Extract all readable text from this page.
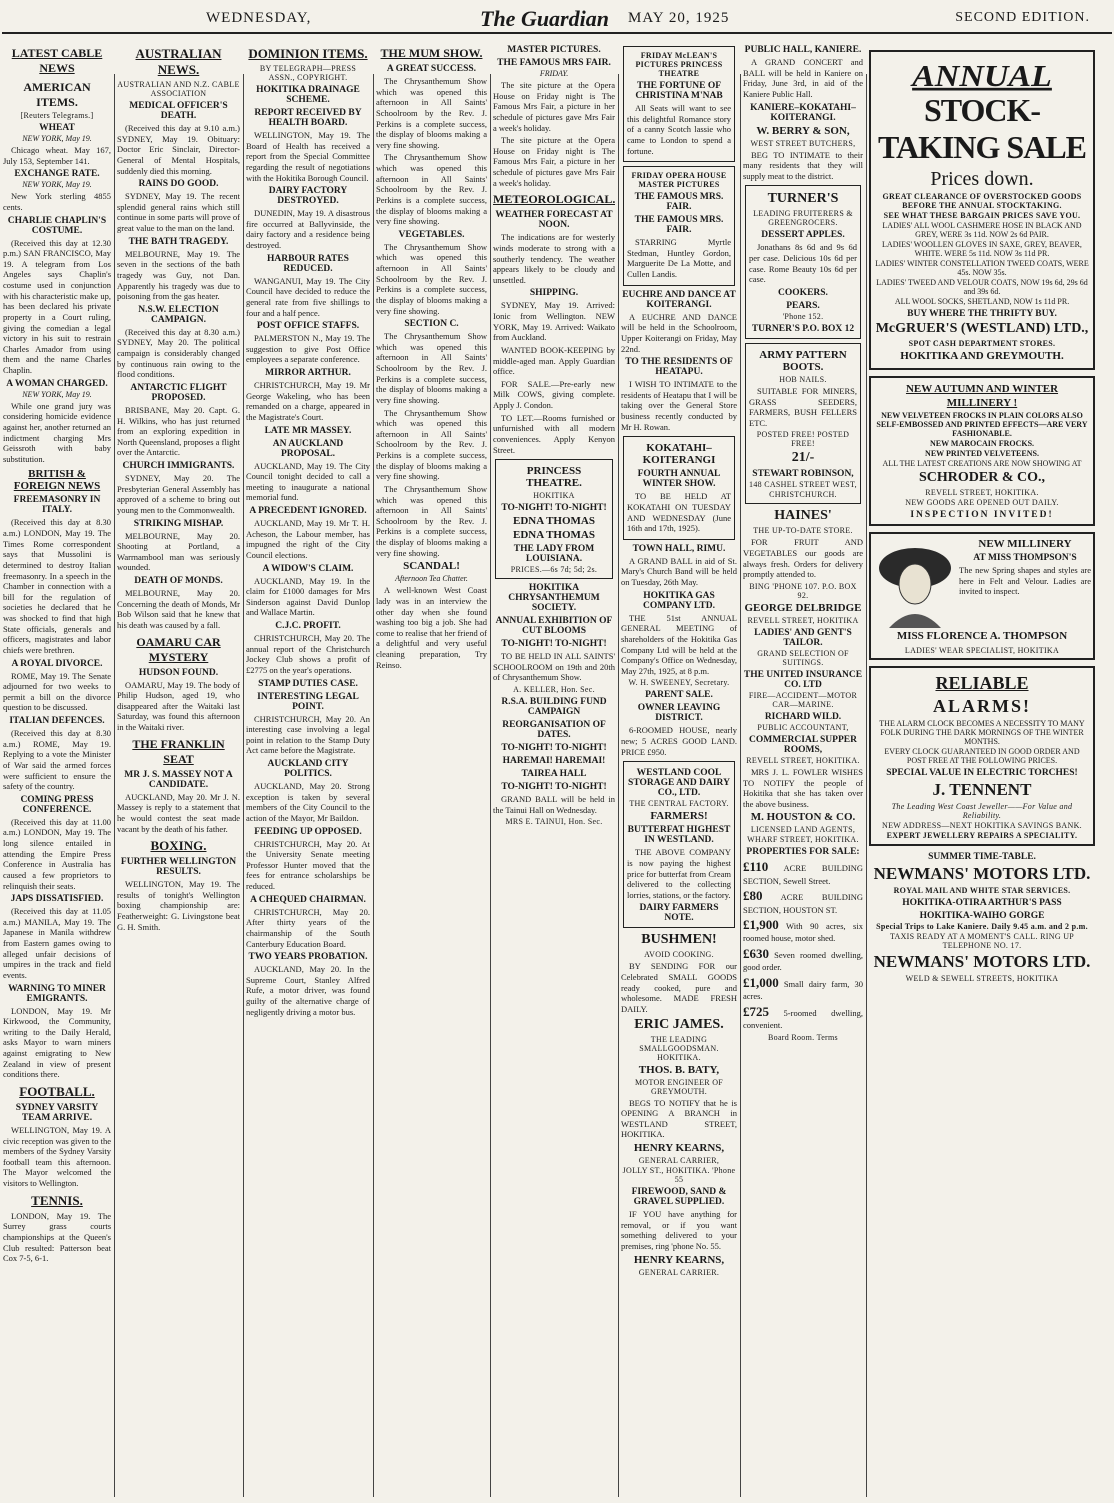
WEDNESDAY,	The Guardian MAY 20, 1925	SECOND EDITION.
LATEST CABLE NEWS
AMERICAN ITEMS.
[Reuters Telegrams.]
WHEAT
NEW YORK, May 19.
Chicago wheat. May 167, July 153, September 141.
EXCHANGE RATE.
NEW YORK, May 19.
New York sterling 4855 cents.
CHARLIE CHAPLIN'S COSTUME.
(Received this day at 12.30 p.m.) SAN FRANCISCO, May 19. A telegram from Los Angeles says Chaplin's costume used in conjunction with his characteristic make up, has been declared his private property in a Court ruling, giving the comedian a legal victory in his suit to restrain Charles Amador from using them and the name Charles Chaplin.
A WOMAN CHARGED.
NEW YORK, May 19.
While one grand jury was considering homicide evidence against her, another returned an indictment charging Mrs Geissroth with baby substitution.
BRITISH & FOREIGN NEWS
FREEMASONRY IN ITALY.
(Received this day at 8.30 a.m.) LONDON, May 19. The Times Rome correspondent says that Mussolini is determined to destroy Italian freemasonry. In a speech in the Chamber in connection with a bill for the regulation of societies he declared that he was shocked to find that high State officials, generals and officers, magistrates and labor chiefs were brethren.
A ROYAL DIVORCE.
ROME, May 19. The Senate adjourned for two weeks to permit a bill on the divorce question to be discussed.
ITALIAN DEFENCES.
(Received this day at 8.30 a.m.) ROME, May 19. Replying to a vote the Minister of War said the armed forces were sufficient to ensure the safety of the country.
COMING PRESS CONFERENCE.
(Received this day at 11.00 a.m.) LONDON, May 19. The long silence entailed in attending the Empire Press Conference in Australia has caused a few proprietors to relinquish their seats.
JAPS DISSATISFIED.
(Received this day at 11.05 a.m.) MANILA, May 19. The Japanese in Manila withdrew from Eastern games owing to alleged unfair decisions of umpires in the track and field events.
WARNING TO MINER EMIGRANTS.
LONDON, May 19. Mr Kirkwood, the Community, writing to the Daily Herald, asks Mayor to warn miners against emigrating to New Zealand in view of present conditions there.
FOOTBALL.
SYDNEY VARSITY TEAM ARRIVE.
WELLINGTON, May 19. A civic reception was given to the members of the Sydney Varsity football team this afternoon. The Mayor welcomed the visitors to Wellington.
TENNIS.
LONDON, May 19. The Surrey grass courts championships at the Queen's Club resulted: Patterson beat Cox 7-5, 6-1.
AUSTRALIAN NEWS.
AUSTRALIAN AND N.Z. CABLE ASSOCIATION
MEDICAL OFFICER'S DEATH.
(Received this day at 9.10 a.m.) SYDNEY, May 19. Obituary: Doctor Eric Sinclair, Director-General of Mental Hospitals, suddenly died this morning.
RAINS DO GOOD.
SYDNEY, May 19. The recent splendid general rains which still continue in some parts will prove of great value to the man on the land.
THE BATH TRAGEDY.
MELBOURNE, May 19. The seven in the sections of the bath tragedy was Guy, not Dan. Apparently his tragedy was due to poisoning from the gas heater.
N.S.W. ELECTION CAMPAIGN.
(Received this day at 8.30 a.m.) SYDNEY, May 20. The political campaign is considerably changed by continuous rain owing to the flood conditions.
ANTARCTIC FLIGHT PROPOSED.
BRISBANE, May 20. Capt. G. H. Wilkins, who has just returned from an exploring expedition in North Queensland, proposes a flight over the Antarctic.
CHURCH IMMIGRANTS.
SYDNEY, May 20. The Presbyterian General Assembly has approved of a scheme to bring out young men to the Commonwealth.
STRIKING MISHAP.
MELBOURNE, May 20. Shooting at Portland, a Warrnambool man was seriously wounded.
DEATH OF MONDS.
MELBOURNE, May 20. Concerning the death of Monds, Mr Bob Wilson said that he knew that his death was caused by a fall.
OAMARU CAR MYSTERY
HUDSON FOUND.
OAMARU, May 19. The body of Philip Hudson, aged 19, who disappeared after the Waitaki last Saturday, was found this afternoon in the Waitaki river.
THE FRANKLIN SEAT
MR J. S. MASSEY NOT A CANDIDATE.
AUCKLAND, May 20. Mr J. N. Massey is reply to a statement that he would contest the seat made vacant by the death of his father.
BOXING.
FURTHER WELLINGTON RESULTS.
WELLINGTON, May 19. The results of tonight's Wellington boxing championship are: Featherweight: G. Livingstone beat G. H. Smith.
DOMINION ITEMS.
BY TELEGRAPH—PRESS ASSN., COPYRIGHT.
HOKITIKA DRAINAGE SCHEME.
REPORT RECEIVED BY HEALTH BOARD.
WELLINGTON, May 19. The Board of Health has received a report from the Special Committee regarding the result of negotiations with the Hokitika Borough Council.
DAIRY FACTORY DESTROYED.
DUNEDIN, May 19. A disastrous fire occurred at Ballyvinside, the dairy factory and a residence being destroyed.
HARBOUR RATES REDUCED.
WANGANUI, May 19. The City Council have decided to reduce the general rate from five shillings to four and a half pence.
POST OFFICE STAFFS.
PALMERSTON N., May 19. The suggestion to give Post Office employees a separate conference.
MIRROR ARTHUR.
CHRISTCHURCH, May 19. Mr George Wakeling, who has been remanded on a charge, appeared in the Magistrate's Court.
LATE MR MASSEY.
AN AUCKLAND PROPOSAL.
AUCKLAND, May 19. The City Council tonight decided to call a meeting to inaugurate a national memorial fund.
A PRECEDENT IGNORED.
AUCKLAND, May 19. Mr T. H. Acheson, the Labour member, has impugned the right of the City Council elections.
A WIDOW'S CLAIM.
AUCKLAND, May 19. In the claim for £1000 damages for Mrs Sinderson against David Dunlop and Wallace Martin.
C.J.C. PROFIT.
CHRISTCHURCH, May 20. The annual report of the Christchurch Jockey Club shows a profit of £2775 on the year's operations.
STAMP DUTIES CASE.
INTERESTING LEGAL POINT.
CHRISTCHURCH, May 20. An interesting case involving a legal point in relation to the Stamp Duty Act came before the Magistrate.
AUCKLAND CITY POLITICS.
AUCKLAND, May 20. Strong exception is taken by several members of the City Council to the action of the Mayor, Mr Baildon.
FEEDING UP OPPOSED.
CHRISTCHURCH, May 20. At the University Senate meeting Professor Hunter moved that the fees for entrance scholarships be reduced.
A CHEQUED CHAIRMAN.
CHRISTCHURCH, May 20. After thirty years of the chairmanship of the South Canterbury Education Board.
TWO YEARS PROBATION.
AUCKLAND, May 20. In the Supreme Court, Stanley Alfred Rufe, a motor driver, was found guilty of the alternative charge of negligently driving a motor bus.
THE MUM SHOW.
A GREAT SUCCESS.
The Chrysanthemum Show which was opened this afternoon in All Saints' Schoolroom by the Rev. J. Perkins is a complete success, the display of blooms making a very fine showing.
The Chrysanthemum Show which was opened this afternoon in All Saints' Schoolroom by the Rev. J. Perkins is a complete success, the display of blooms making a very fine showing.
VEGETABLES.
The Chrysanthemum Show which was opened this afternoon in All Saints' Schoolroom by the Rev. J. Perkins is a complete success, the display of blooms making a very fine showing.
SECTION C.
The Chrysanthemum Show which was opened this afternoon in All Saints' Schoolroom by the Rev. J. Perkins is a complete success, the display of blooms making a very fine showing.
The Chrysanthemum Show which was opened this afternoon in All Saints' Schoolroom by the Rev. J. Perkins is a complete success, the display of blooms making a very fine showing.
The Chrysanthemum Show which was opened this afternoon in All Saints' Schoolroom by the Rev. J. Perkins is a complete success, the display of blooms making a very fine showing.
SCANDAL!
Afternoon Tea Chatter.
A well-known West Coast lady was in an interview the other day when she found washing too big a job. She had come to realise that her friend of a delightful and very useful cleaning preparation, Try Reinso.
MASTER PICTURES.
THE FAMOUS MRS FAIR.
FRIDAY.
The site picture at the Opera House on Friday night is The Famous Mrs Fair, a picture in her schedule of pictures gave Mrs Fair a week's holiday.
The site picture at the Opera House on Friday night is The Famous Mrs Fair, a picture in her schedule of pictures gave Mrs Fair a week's holiday.
METEOROLOGICAL.
WEATHER FORECAST AT NOON.
The indications are for westerly winds moderate to strong with a southerly tendency. The weather appears likely to be cloudy and unsettled.
SHIPPING.
SYDNEY, May 19. Arrived: Ionic from Wellington. NEW YORK, May 19. Arrived: Waikato from Auckland.
WANTED BOOK-KEEPING by middle-aged man. Apply Guardian office.
FOR SALE.—Pre-early new Milk COWS, giving complete. Apply J. Condon.
TO LET.—Rooms furnished or unfurnished with all modern conveniences. Apply Kenyon Street.
PRINCESS THEATRE.
HOKITIKA
TO-NIGHT! TO-NIGHT!
EDNA THOMAS
EDNA THOMAS
THE LADY FROM LOUISIANA.
PRICES.—6s 7d; 5d; 2s.
HOKITIKA CHRYSANTHEMUM SOCIETY.
ANNUAL EXHIBITION OF CUT BLOOMS
TO-NIGHT! TO-NIGHT!
TO BE HELD IN ALL SAINTS' SCHOOLROOM on 19th and 20th of Chrysanthemum Show.
A. KELLER, Hon. Sec.
R.S.A. BUILDING FUND CAMPAIGN
REORGANISATION OF DATES.
TO-NIGHT! TO-NIGHT!
HAREMAI! HAREMAI!
TAIREA HALL
TO-NIGHT! TO-NIGHT!
GRAND BALL will be held in the Tainui Hall on Wednesday.
MRS E. TAINUI, Hon. Sec.
FRIDAY McLEAN'S PICTURES PRINCESS THEATRE
THE FORTUNE OF CHRISTINA M'NAB
All Seats will want to see this delightful Romance story of a canny Scotch lassie who came to London to spend a fortune.
FRIDAY OPERA HOUSE MASTER PICTURES
THE FAMOUS MRS. FAIR.
THE FAMOUS MRS. FAIR.
STARRING Myrtle Stedman, Huntley Gordon, Marguerite De La Motte, and Cullen Landis.
EUCHRE AND DANCE AT KOITERANGI.
A EUCHRE AND DANCE will be held in the Schoolroom, Upper Koiterangi on Friday, May 22nd.
TO THE RESIDENTS OF HEATAPU.
I WISH TO INTIMATE to the residents of Heatapu that I will be taking over the General Store business recently conducted by Mr H. Rowan.
KOKATAHI–KOITERANGI
FOURTH ANNUAL WINTER SHOW.
TO BE HELD AT KOKATAHI ON TUESDAY AND WEDNESDAY (June 16th and 17th, 1925).
TOWN HALL, RIMU.
A GRAND BALL in aid of St. Mary's Church Band will be held on Tuesday, 26th May.
HOKITIKA GAS COMPANY LTD.
THE 51st ANNUAL GENERAL MEETING of shareholders of the Hokitika Gas Company Ltd will be held at the Company's Office on Wednesday, May 27th, 1925, at 8 p.m.
W. H. SWEENEY, Secretary.
PARENT SALE.
OWNER LEAVING DISTRICT.
6-ROOMED HOUSE, nearly new; 5 ACRES GOOD LAND. PRICE £950.
WESTLAND COOL STORAGE AND DAIRY CO., LTD.
THE CENTRAL FACTORY.
FARMERS!
BUTTERFAT HIGHEST IN WESTLAND.
THE ABOVE COMPANY is now paying the highest price for butterfat from Cream delivered to the collecting lorries, stations, or the factory.
DAIRY FARMERS NOTE.
BUSHMEN!
AVOID COOKING.
BY SENDING FOR our Celebrated SMALL GOODS ready cooked, pure and wholesome. MADE FRESH DAILY.
ERIC JAMES.
THE LEADING SMALLGOODSMAN. HOKITIKA.
THOS. B. BATY,
MOTOR ENGINEER OF GREYMOUTH.
BEGS TO NOTIFY that he is OPENING A BRANCH in WESTLAND STREET, HOKITIKA.
HENRY KEARNS,
GENERAL CARRIER,
JOLLY ST., HOKITIKA. 'Phone 55
FIREWOOD, SAND & GRAVEL SUPPLIED.
IF YOU have anything for removal, or if you want something delivered to your premises, ring 'phone No. 55.
HENRY KEARNS,
GENERAL CARRIER.
PUBLIC HALL, KANIERE.
A GRAND CONCERT and BALL will be held in Kaniere on Friday, June 3rd, in aid of the Kaniere Public Hall.
KANIERE–KOKATAHI–KOITERANGI.
W. BERRY & SON,
WEST STREET BUTCHERS,
BEG TO INTIMATE to their many residents that they will supply meat to the district.
TURNER'S
LEADING FRUITERERS & GREENGROCERS.
DESSERT APPLES.
Jonathans 8s 6d and 9s 6d per case. Delicious 10s 6d per case. Rome Beauty 10s 6d per case.
COOKERS.
PEARS.
'Phone 152.
TURNER'S P.O. BOX 12
ARMY PATTERN BOOTS.
HOB NAILS.
SUITABLE FOR MINERS, GRASS SEEDERS, FARMERS, BUSH FELLERS ETC.
POSTED FREE! POSTED FREE!
21/-
STEWART ROBINSON,
148 CASHEL STREET WEST,
CHRISTCHURCH.
HAINES'
THE UP-TO-DATE STORE.
FOR FRUIT AND VEGETABLES our goods are always fresh. Orders for delivery promptly attended to.
BING 'PHONE 107. P.O. BOX 92.
GEORGE DELBRIDGE
REVELL STREET, HOKITIKA
LADIES' AND GENT'S TAILOR.
GRAND SELECTION OF SUITINGS.
THE UNITED INSURANCE CO. LTD
FIRE—ACCIDENT—MOTOR CAR—MARINE.
RICHARD WILD.
PUBLIC ACCOUNTANT,
COMMERCIAL SUPPER ROOMS,
REVELL STREET, HOKITIKA.
MRS J. L. FOWLER WISHES TO NOTIFY the people of Hokitika that she has taken over the above business.
M. HOUSTON & CO.
LICENSED LAND AGENTS,
WHARF STREET, HOKITIKA.
PROPERTIES FOR SALE:
£110 ACRE BUILDING SECTION, Sewell Street.
£80 ACRE BUILDING SECTION, HOUSTON ST.
£1,900 With 90 acres, six roomed house, motor shed.
£630 Seven roomed dwelling, good order.
£1,000 Small dairy farm, 30 acres.
£725 5-roomed dwelling, convenient.
Board Room. Terms
ANNUAL
STOCK-TAKING SALE
Prices down.
GREAT CLEARANCE OF OVERSTOCKED GOODS BEFORE THE ANNUAL STOCKTAKING.
SEE WHAT THESE BARGAIN PRICES SAVE YOU.
LADIES' ALL WOOL CASHMERE HOSE IN BLACK AND GREY, WERE 3s 11d. NOW 2s 6d PAIR.
LADIES' WOOLLEN GLOVES IN SAXE, GREY, BEAVER, WHITE. WERE 5s 11d. NOW 3s 11d PR.
LADIES' WINTER CONSTELLATION TWEED COATS, WERE 45s. NOW 35s.
LADIES' TWEED AND VELOUR COATS, NOW 19s 6d, 29s 6d and 39s 6d.
ALL WOOL SOCKS, SHETLAND, NOW 1s 11d PR.
BUY WHERE THE THRIFTY BUY.
McGRUER'S (WESTLAND) LTD.,
SPOT CASH DEPARTMENT STORES.
HOKITIKA AND GREYMOUTH.
NEW AUTUMN AND WINTER
MILLINERY !
NEW VELVETEEN FROCKS IN PLAIN COLORS ALSO SELF-EMBOSSED AND PRINTED EFFECTS—ARE VERY FASHIONABLE.
NEW MAROCAIN FROCKS.
NEW PRINTED VELVETEENS.
ALL THE LATEST CREATIONS ARE NOW SHOWING AT
SCHRODER & CO.,
REVELL STREET, HOKITIKA.
NEW GOODS ARE OPENED OUT DAILY.
INSPECTION INVITED!
NEW MILLINERY
AT MISS THOMPSON'S
The new Spring shapes and styles are here in Felt and Velour. Ladies are invited to inspect.
MISS FLORENCE A. THOMPSON
LADIES' WEAR SPECIALIST, HOKITIKA
RELIABLE
ALARMS!
THE ALARM CLOCK BECOMES A NECESSITY TO MANY FOLK DURING THE DARK MORNINGS OF THE WINTER MONTHS.
EVERY CLOCK GUARANTEED IN GOOD ORDER AND POST FREE AT THE FOLLOWING PRICES.
SPECIAL VALUE IN ELECTRIC TORCHES!
J. TENNENT
The Leading West Coast Jeweller——For Value and Reliability.
NEW ADDRESS—NEXT HOKITIKA SAVINGS BANK.
EXPERT JEWELLERY REPAIRS A SPECIALITY.
SUMMER TIME-TABLE.
NEWMANS' MOTORS LTD.
ROYAL MAIL AND WHITE STAR SERVICES.
HOKITIKA-OTIRA ARTHUR'S PASS
HOKITIKA-WAIHO GORGE
Special Trips to Lake Kaniere. Daily 9.45 a.m. and 2 p.m.
TAXIS READY AT A MOMENT'S CALL. RING UP TELEPHONE NO. 17.
NEWMANS' MOTORS LTD.
WELD & SEWELL STREETS, HOKITIKA
